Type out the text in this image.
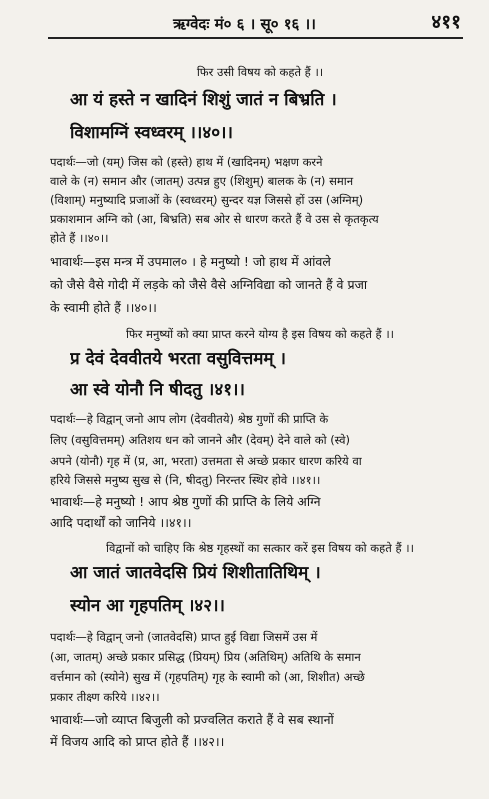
ऋग्वेदः मं० ६ । सू० १६ ।।	४११
फिर उसी विषय को कहते हैं ।।
आ यं हस्ते न खादिनं शिशुं जातं न बिभ्रति ।
विशामग्निं स्वध्वरम् ।।४०।।
पदार्थः—जो (यम्) जिस को (हस्ते) हाथ में (खादिनम्) भक्षण करने
वाले के (न) समान और (जातम्) उत्पन्न हुए (शिशुम्) बालक के (न) समान
(विशाम्) मनुष्यादि प्रजाओं के (स्वध्वरम्) सुन्दर यज्ञ जिससे हों उस (अग्निम्)
प्रकाशमान अग्नि को (आ, बिभ्रति) सब ओर से धारण करते हैं वे उस से कृतकृत्य
होते हैं ।।४०।।
भावार्थः—इस मन्त्र में उपमाल० । हे मनुष्यो ! जो हाथ में आंवले
को जैसे वैसे गोदी में लड़के को जैसे वैसे अग्निविद्या को जानते हैं वे प्रजा
के स्वामी होते हैं ।।४०।।
फिर मनुष्यों को क्या प्राप्त करने योग्य है इस विषय को कहते हैं ।।
प्र देवं देववीतये भरता वसुवित्तमम् ।
आ स्वे योनौ नि षीदतु ।४१।।
पदार्थः—हे विद्वान् जनो आप लोग (देववीतये) श्रेष्ठ गुणों की प्राप्ति के
लिए (वसुवित्तमम्) अतिशय धन को जानने और (देवम्) देने वाले को (स्वे)
अपने (योनौ) गृह में (प्र, आ, भरता) उत्तमता से अच्छे प्रकार धारण करिये वा
हरिये जिससे मनुष्य सुख से (नि, षीदतु) निरन्तर स्थिर होवे ।।४१।।
भावार्थः—हे मनुष्यो ! आप श्रेष्ठ गुणों की प्राप्ति के लिये अग्नि
आदि पदार्थों को जानिये ।।४१।।
विद्वानों को चाहिए कि श्रेष्ठ गृहस्थों का सत्कार करें इस विषय को कहते हैं ।।
आ जातं जातवेदसि प्रियं शिशीतातिथिम् ।
स्योन आ गृहपतिम् ।४२।।
पदार्थः—हे विद्वान् जनो (जातवेदसि) प्राप्त हुई विद्या जिसमें उस में
(आ, जातम्) अच्छे प्रकार प्रसिद्ध (प्रियम्) प्रिय (अतिथिम्) अतिथि के समान
वर्त्तमान को (स्योने) सुख में (गृहपतिम्) गृह के स्वामी को (आ, शिशीत) अच्छे
प्रकार तीक्ष्ण करिये ।।४२।।
भावार्थः—जो व्याप्त बिजुली को प्रज्वलित कराते हैं वे सब स्थानों
में विजय आदि को प्राप्त होते हैं ।।४२।।
